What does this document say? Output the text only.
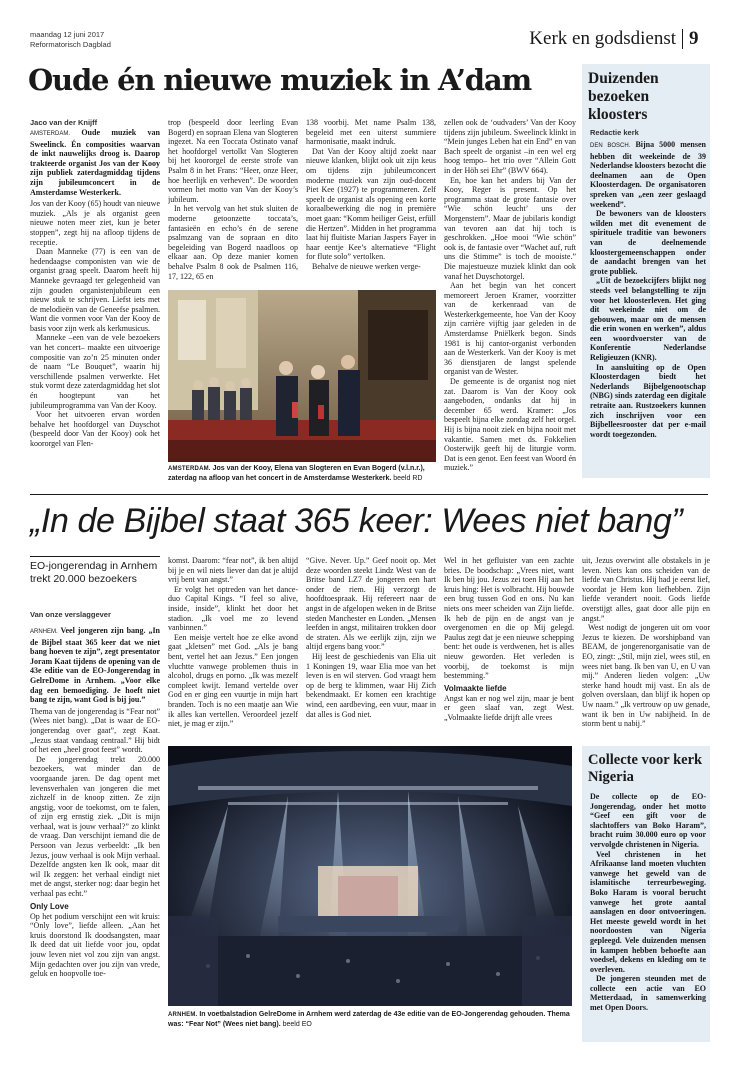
maandag 12 juni 2017
Reformatorisch Dagblad	Kerk en godsdienst 9
Oude én nieuwe muziek in A’dam
Jaco van der Knijff

AMSTERDAM. Oude muziek van Sweelinck. Én composities waarvan de inkt nauwelijks droog is. Daarop trakteerde organist Jos van der Kooy zijn publiek zaterdagmiddag tijdens zijn jubileumconcert in de Amsterdamse Westerkerk.

Jos van der Kooy (65) houdt van nieuwe muziek. „Als je als organist geen nieuwe noten meer ziet, kun je beter stoppen”, zegt hij na afloop tijdens de receptie.

Daan Manneke (77) is een van de hedendaagse componisten van wie de organist graag speelt. Daarom heeft hij Manneke gevraagd ter gelegenheid van zijn gouden organistenjubileum een nieuw stuk te schrijven. Liefst iets met de melodieën van de Geneefse psalmen. Want die vormen voor Van der Kooy de basis voor zijn werk als kerkmusicus.

Manneke –een van de vele bezoekers van het concert– maakte een uitvoerige compositie van zo’n 25 minuten onder de naam “Le Bouquet”, waarin hij verschillende psalmen verwerkte. Het stuk vormt deze zaterdagmiddag het slot én hoogtepunt van het jubileumprogramma van Van der Kooy.

Voor het uitvoeren ervan worden behalve het hoofdorgel van Duyschot (bespeeld door Van der Kooy) ook het koororgel van Flen-

trop (bespeeld door leerling Evan Bogerd) en sopraan Elena van Slogteren ingezet. Na een Toccata Ostinato vanaf het hoofdorgel vertolkt Van Slogteren bij het koororgel de eerste strofe van Psalm 8 in het Frans: “Heer, onze Heer, hoe heerlijk en verheven”. De woorden vormen het motto van Van der Kooy’s jubileum.

In het vervolg van het stuk sluiten de moderne getoonzette toccata’s, fantasieën en echo’s én de serene psalmzang van de sopraan en dito begeleiding van Bogerd naadloos op elkaar aan. Op deze manier komen behalve Psalm 8 ook de Psalmen 116, 17, 122, 65 en

138 voorbij. Met name Psalm 138, begeleid met een uiterst summiere harmonisatie, maakt indruk.

Dat Van der Kooy altijd zoekt naar nieuwe klanken, blijkt ook uit zijn keus om tijdens zijn jubileumconcert moderne muziek van zijn oud-docent Piet Kee (1927) te programmeren. Zelf speelt de organist als opening een korte koraalbewerking die nog in première moet gaan: “Komm heiliger Geist, erfüll die Hertzen”. Midden in het programma laat hij fluitiste Marian Jaspers Fayer in haar eentje Kee’s alternatieve “Flight for flute solo” vertolken.

Behalve de nieuwe werken verge-

zellen ook de ‘oudvaders’ Van der Kooy tijdens zijn jubileum. Sweelinck klinkt in “Mein junges Leben hat ein End” en van Bach speelt de organist –in een wel erg hoog tempo– het trio over “Allein Gott in der Höh sei Ehr” (BWV 664).

En, hoe kan het anders bij Van der Kooy, Reger is present. Op het programma staat de grote fantasie over “Wie schön leucht’ uns der Morgenstern”. Maar de jubilaris kondigt van tevoren aan dat hij toch is geschrokken. „Hoe mooi “Wie schön” ook is, de fantasie over “Wachet auf, ruft uns die Stimme” is toch de mooiste.” Die majestueuze muziek klinkt dan ook vanaf het Duyschotorgel.

Aan het begin van het concert memoreert Jeroen Kramer, voorzitter van de kerkenraad van de Westerkerkgemeente, hoe Van der Kooy zijn carrière vijftig jaar geleden in de Amsterdamse Pniëlkerk begon. Sinds 1981 is hij cantor-organist verbonden aan de Westerkerk. Van der Kooy is met 36 dienstjaren de langst spelende organist van de Wester.

De gemeente is de organist nog niet zat. Daarom is Van der Kooy ook aangeboden, ondanks dat hij in december 65 werd. Kramer: „Jos bespeelt bijna elke zondag zelf het orgel. Hij is bijna nooit ziek en bijna nooit met vakantie. Samen met ds. Fokkelien Oosterwijk geeft hij de liturgie vorm. Dat is een genot. Een feest van Woord én muziek.”

AMSTERDAM. Jos van der Kooy, Elena van Slogteren en Evan Bogerd (v.l.n.r.), zaterdag na afloop van het concert in de Amsterdamse Westerkerk. beeld RD
Duizenden bezoeken kloosters
Redactie kerk

DEN BOSCH. Bijna 5000 mensen hebben dit weekeinde de 39 Nederlandse kloosters bezocht die deelnamen aan de Open Kloosterdagen. De organisatoren spreken van „een zeer geslaagd weekend”.

De bewoners van de kloosters wilden met dit evenement de spirituele traditie van bewoners van de deelnemende kloostergemeenschappen onder de aandacht brengen van het grote publiek.

„Uit de bezoekcijfers blijkt nog steeds veel belangstelling te zijn voor het kloosterleven. Het ging dit weekeinde niet om de gebouwen, maar om de mensen die erin wonen en werken”, aldus een woordvoerster van de Konferentie Nederlandse Religieuzen (KNR).

In aansluiting op de Open Kloosterdagen biedt het Nederlands Bijbelgenootschap (NBG) sinds zaterdag een digitale retraite aan. Rustzoekers kunnen zich inschrijven voor een Bijbelleesrooster dat per e-mail wordt toegezonden.

„In de Bijbel staat 365 keer: Wees niet bang”
EO-jongerendag in Arnhem trekt 20.000 bezoekers
Van onze verslaggever

ARNHEM. Veel jongeren zijn bang. „In de Bijbel staat 365 keer dat we niet bang hoeven te zijn”, zegt presentator Joram Kaat tijdens de opening van de 43e editie van de EO-Jongerendag in GelreDome in Arnhem. „Voor elke dag een bemoediging. Je hoeft niet bang te zijn, want God is bij jou.”

Thema van de jongerendag is “Fear not” (Wees niet bang). „Dat is waar de EO-jongerendag over gaat”, zegt Kaat. „Jezus staat vandaag centraal.” Hij bidt of het een „heel groot feest” wordt.

De jongerendag trekt 20.000 bezoekers, wat minder dan de voorgaande jaren. De dag opent met levensverhalen van jongeren die met zichzelf in de knoop zitten. Ze zijn angstig, voor de toekomst, om te falen, of zijn erg ernstig ziek. „Dit is mijn verhaal, wat is jouw verhaal?” zo klinkt de vraag. Dan verschijnt iemand die de Persoon van Jezus verbeeldt: „Ik ben Jezus, jouw verhaal is ook Mijn verhaal. Dezelfde angsten ken Ik ook, maar dit wil Ik zeggen: het verhaal eindigt niet met de angst, sterker nog: daar begin het verhaal pas echt.”

Only Love

Op het podium verschijnt een wit kruis: “Only love”, liefde alleen. „Aan het kruis doorstond Ik doodsangsten, maar Ik deed dat uit liefde voor jou, opdat jouw leven niet vol zou zijn van angst. Mijn gedachten over jou zijn van vrede, geluk en hoopvolle toe-

komst. Daarom: “fear not”, ik ben altijd bij je en wil niets liever dan dat je altijd vrij bent van angst.”

Er volgt het optreden van het dance-duo Capital Kings. “I feel so alive, inside, inside”, klinkt het door het stadion. „Ik voel me zo levend vanbinnen.”

Een meisje vertelt hoe ze elke avond gaat „kletsen” met God. „Als je bang bent, vertel het aan Jezus.” Een jongen vluchtte vanwege problemen thuis in alcohol, drugs en porno. „Ik was mezelf compleet kwijt. Iemand vertelde over God en er ging een vuurtje in mijn hart branden. Toch is no een maatje aan Wie ik alles kan vertellen. Veroordeel jezelf niet, je mag er zijn.”

“Give. Never. Up.” Geef nooit op. Met deze woorden steekt Lindz West van de Britse band LZ7 de jongeren een hart onder de riem. Hij verzorgt de hoofdtoespraak. Hij refereert naar de angst in de afgelopen weken in de Britse steden Manchester en Londen. „Mensen leefden in angst, militairen trokken door de straten. Als we eerlijk zijn, zijn we altijd ergens bang voor.”

Hij leest de geschiedenis van Elia uit 1 Koningen 19, waar Elia moe van het leven is en wil sterven. God vraagt hem op de berg te klimmen, waar Hij Zich bekendmaakt. Er komen een krachtige wind, een aardbeving, een vuur, maar in dat alles is God niet.

Wel in het gefluister van een zachte bries. De boodschap: „Vrees niet, want Ik ben bij jou. Jezus zei toen Hij aan het kruis hing: Het is volbracht. Hij bouwde een brug tussen God en ons. Nu kan niets ons meer scheiden van Zijn liefde. Ik heb de pijn en de angst van je overgenomen en die op Mij gelegd. Paulus zegt dat je een nieuwe schepping bent: het oude is verdwenen, het is alles nieuw geworden. Het verleden is voorbij, de toekomst is mijn bestemming.”

Volmaakte liefde

Angst kan er nog wel zijn, maar je bent er geen slaaf van, zegt West. „Volmaakte liefde drijft alle vrees

uit, Jezus overwint alle obstakels in je leven. Niets kan ons scheiden van de liefde van Christus. Hij had je eerst lief, voordat je Hem kon liefhebben. Zijn liefde verandert nooit. Gods liefde overstijgt alles, gaat door alle pijn en angst.”

West nodigt de jongeren uit om voor Jezus te kiezen. De worshipband van BEAM, de jongerenorganisatie van de EO, zingt: „Stil, mijn ziel, wees stil, en wees niet bang. Ik ben van U, en U van mij.” Anderen lieden volgen: „Uw sterke hand houdt mij vast. En als de golven overslaan, dan blijf ik hopen op Uw naam.” „Ik vertrouw op uw genade, want ik ben in Uw nabijheid. In de storm bent u nabij.”

ARNHEM. In voetbalstadion GelreDome in Arnhem werd zaterdag de 43e editie van de EO-Jongerendag gehouden. Thema was: “Fear Not” (Wees niet bang). beeld EO
Collecte voor kerk Nigeria

De collecte op de EO-Jongerendag, onder het motto “Geef een gift voor de slachtoffers van Boko Haram”, bracht ruim 30.000 euro op voor vervolgde christenen in Nigeria.

Veel christenen in het Afrikaanse land moeten vluchten vanwege het geweld van de islamitische terreurbeweging. Boko Haram is vooral berucht vanwege het grote aantal aanslagen en door ontvoeringen. Het meeste geweld wordt in het noordoosten van Nigeria gepleegd. Vele duizenden mensen in kampen hebben behoefte aan voedsel, dekens en kleding om te overleven.

De jongeren steunden met de collecte een actie van EO Metterdaad, in samenwerking met Open Doors.
